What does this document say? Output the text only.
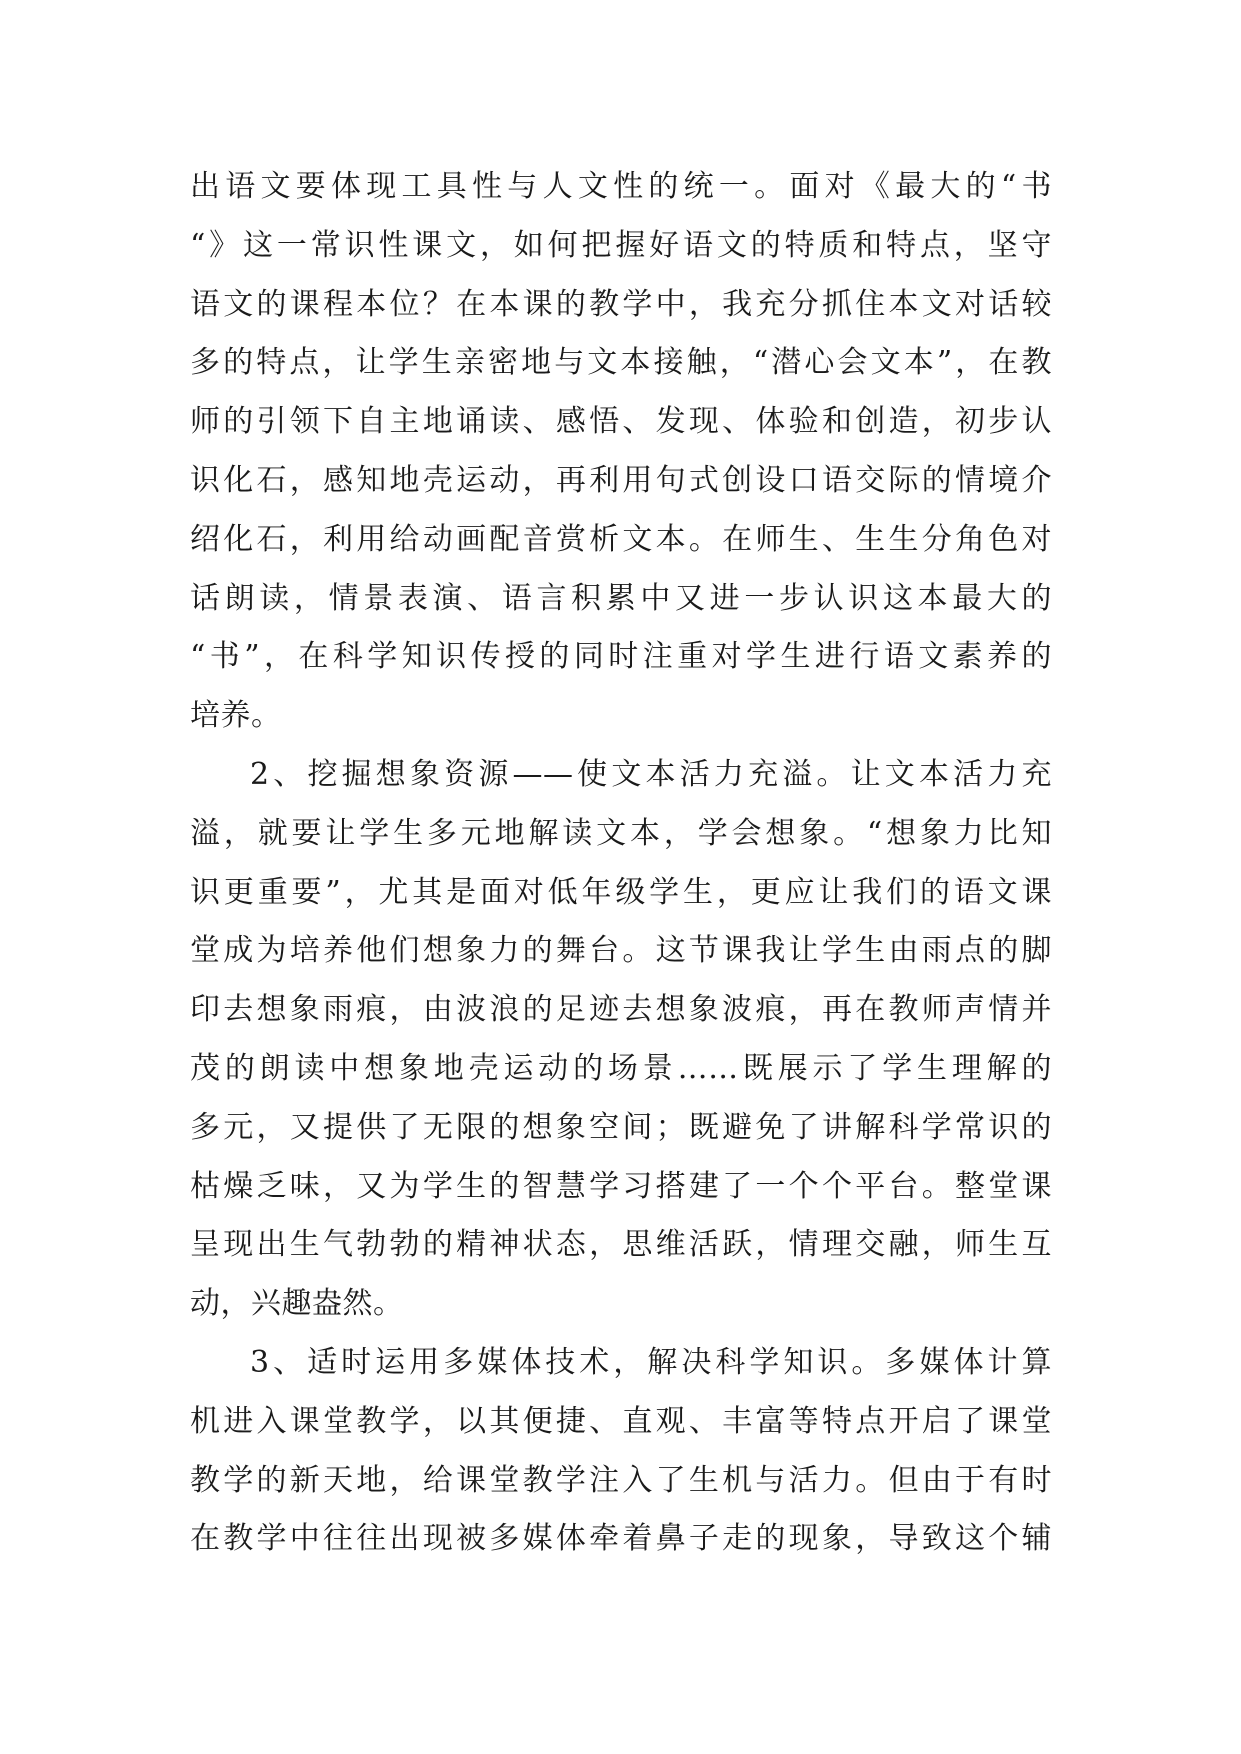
出语文要体现工具性与人文性的统一。面对《最大的“书
“》这一常识性课文，如何把握好语文的特质和特点，坚守
语文的课程本位？在本课的教学中，我充分抓住本文对话较
多的特点，让学生亲密地与文本接触，“潜心会文本”，在教
师的引领下自主地诵读、感悟、发现、体验和创造，初步认
识化石，感知地壳运动，再利用句式创设口语交际的情境介
绍化石，利用给动画配音赏析文本。在师生、生生分角色对
话朗读，情景表演、语言积累中又进一步认识这本最大的
“书”，在科学知识传授的同时注重对学生进行语文素养的
培养。
2、挖掘想象资源——使文本活力充溢。让文本活力充
溢，就要让学生多元地解读文本，学会想象。“想象力比知
识更重要”，尤其是面对低年级学生，更应让我们的语文课
堂成为培养他们想象力的舞台。这节课我让学生由雨点的脚
印去想象雨痕，由波浪的足迹去想象波痕，再在教师声情并
茂的朗读中想象地壳运动的场景……既展示了学生理解的
多元，又提供了无限的想象空间；既避免了讲解科学常识的
枯燥乏味，又为学生的智慧学习搭建了一个个平台。整堂课
呈现出生气勃勃的精神状态，思维活跃，情理交融，师生互
动，兴趣盎然。
3、适时运用多媒体技术，解决科学知识。多媒体计算
机进入课堂教学，以其便捷、直观、丰富等特点开启了课堂
教学的新天地，给课堂教学注入了生机与活力。但由于有时
在教学中往往出现被多媒体牵着鼻子走的现象，导致这个辅
